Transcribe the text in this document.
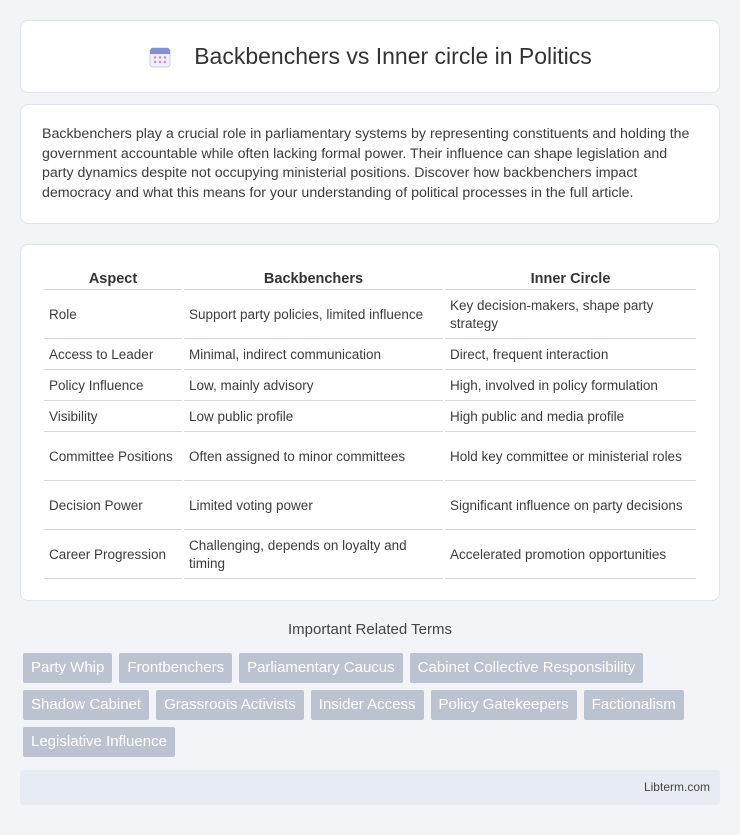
Backbenchers vs Inner circle in Politics

Backbenchers play a crucial role in parliamentary systems by representing constituents and holding the government accountable while often lacking formal power. Their influence can shape legislation and party dynamics despite not occupying ministerial positions. Discover how backbenchers impact democracy and what this means for your understanding of political processes in the full article.

Aspect	Backbenchers	Inner Circle
Role	Support party policies, limited influence	Key decision-makers, shape party strategy
Access to Leader	Minimal, indirect communication	Direct, frequent interaction
Policy Influence	Low, mainly advisory	High, involved in policy formulation
Visibility	Low public profile	High public and media profile
Committee Positions	Often assigned to minor committees	Hold key committee or ministerial roles
Decision Power	Limited voting power	Significant influence on party decisions
Career Progression	Challenging, depends on loyalty and timing	Accelerated promotion opportunities
Important Related Terms
Party Whip	Frontbenchers	Parliamentary Caucus	Cabinet Collective Responsibility
Shadow Cabinet	Grassroots Activists	Insider Access	Policy Gatekeepers	Factionalism
Legislative Influence
Libterm.com
